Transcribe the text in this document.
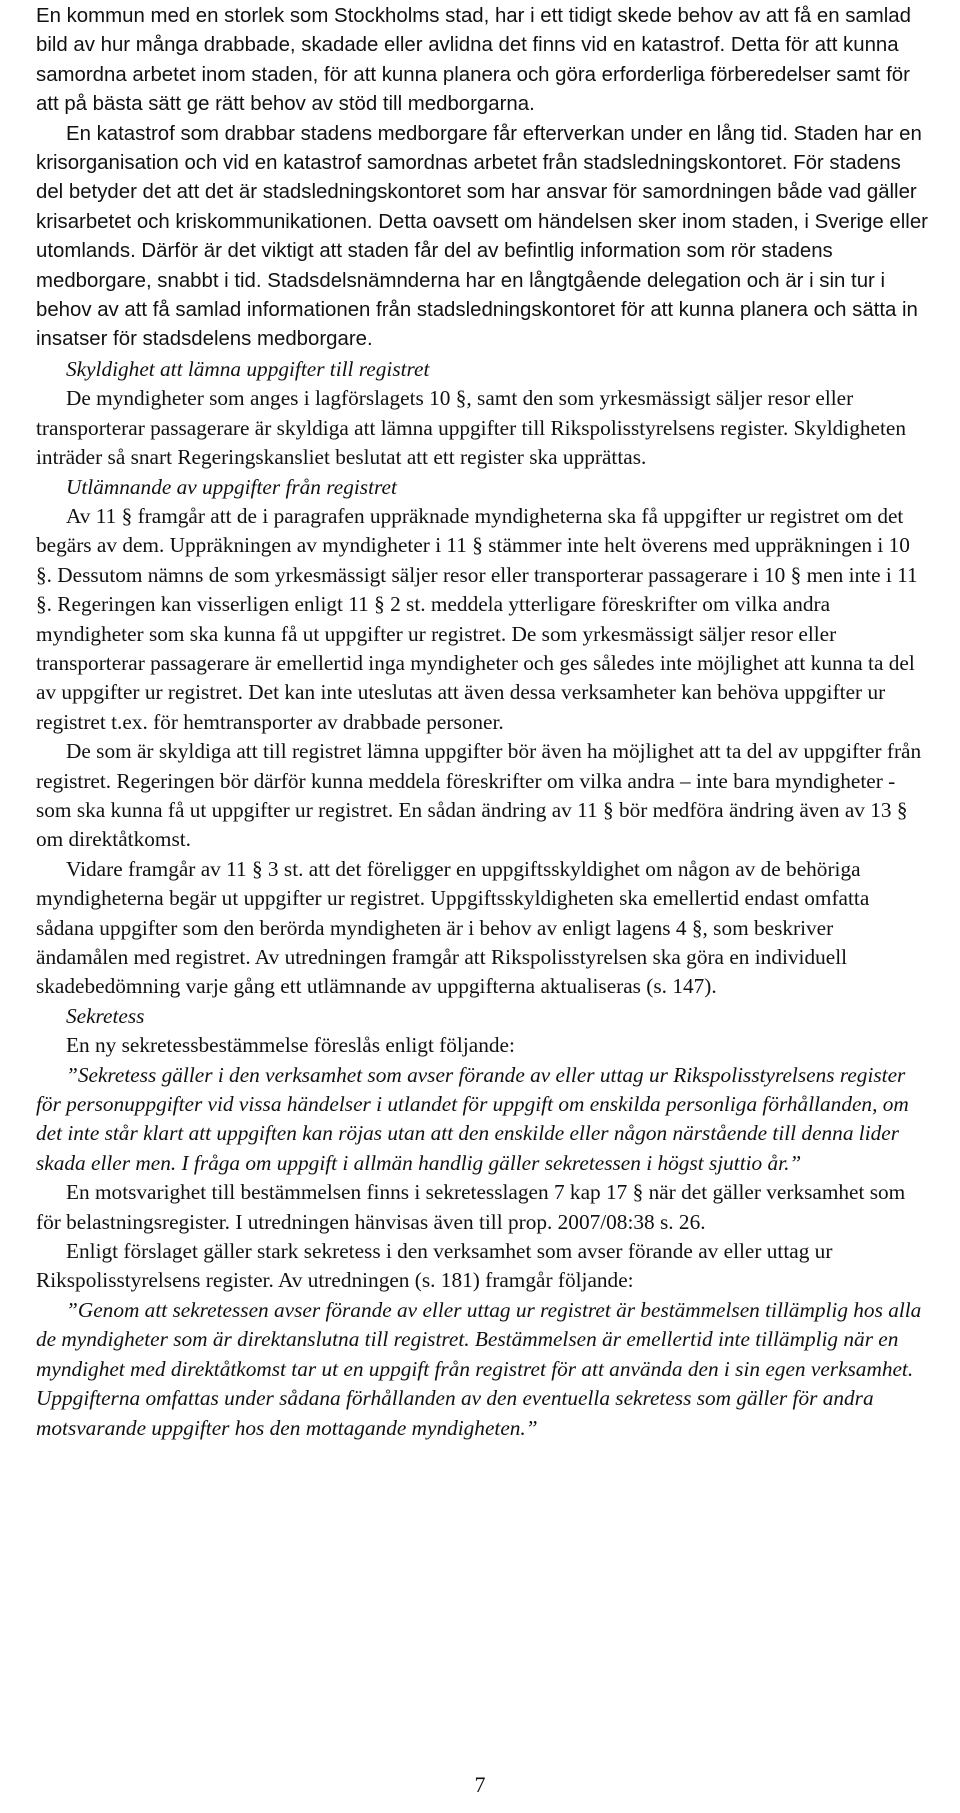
En kommun med en storlek som Stockholms stad, har i ett tidigt skede behov av att få en samlad bild av hur många drabbade, skadade eller avlidna det finns vid en katastrof. Detta för att kunna samordna arbetet inom staden, för att kunna planera och göra erforderliga förberedelser samt för att på bästa sätt ge rätt behov av stöd till medborgarna.

En katastrof som drabbar stadens medborgare får efterverkan under en lång tid. Staden har en krisorganisation och vid en katastrof samordnas arbetet från stadsledningskontoret. För stadens del betyder det att det är stadsledningskontoret som har ansvar för samordningen både vad gäller krisarbetet och kriskommunikationen. Detta oavsett om händelsen sker inom staden, i Sverige eller utomlands. Därför är det viktigt att staden får del av befintlig information som rör stadens medborgare, snabbt i tid. Stadsdelsnämnderna har en långtgående delegation och är i sin tur i behov av att få samlad informationen från stadsledningskontoret för att kunna planera och sätta in insatser för stadsdelens medborgare.

Skyldighet att lämna uppgifter till registret

De myndigheter som anges i lagförslagets 10 §, samt den som yrkesmässigt säljer resor eller transporterar passagerare är skyldiga att lämna uppgifter till Rikspolisstyrelsens register. Skyldigheten inträder så snart Regeringskansliet beslutat att ett register ska upprättas.

Utlämnande av uppgifter från registret

Av 11 § framgår att de i paragrafen uppräknade myndigheterna ska få uppgifter ur registret om det begärs av dem. Uppräkningen av myndigheter i 11 § stämmer inte helt överens med uppräkningen i 10 §. Dessutom nämns de som yrkesmässigt säljer resor eller transporterar passagerare i 10 § men inte i 11 §. Regeringen kan visserligen enligt 11 § 2 st. meddela ytterligare föreskrifter om vilka andra myndigheter som ska kunna få ut uppgifter ur registret. De som yrkesmässigt säljer resor eller transporterar passagerare är emellertid inga myndigheter och ges således inte möjlighet att kunna ta del av uppgifter ur registret. Det kan inte uteslutas att även dessa verksamheter kan behöva uppgifter ur registret t.ex. för hemtransporter av drabbade personer.

De som är skyldiga att till registret lämna uppgifter bör även ha möjlighet att ta del av uppgifter från registret. Regeringen bör därför kunna meddela föreskrifter om vilka andra – inte bara myndigheter - som ska kunna få ut uppgifter ur registret. En sådan ändring av 11 § bör medföra ändring även av 13 § om direktåtkomst.

Vidare framgår av 11 § 3 st. att det föreligger en uppgiftsskyldighet om någon av de behöriga myndigheterna begär ut uppgifter ur registret. Uppgiftsskyldigheten ska emellertid endast omfatta sådana uppgifter som den berörda myndigheten är i behov av enligt lagens 4 §, som beskriver ändamålen med registret. Av utredningen framgår att Rikspolisstyrelsen ska göra en individuell skadebedömning varje gång ett utlämnande av uppgifterna aktualiseras (s. 147).

Sekretess

En ny sekretessbestämmelse föreslås enligt följande:

”Sekretess gäller i den verksamhet som avser förande av eller uttag ur Rikspolisstyrelsens register för personuppgifter vid vissa händelser i utlandet för uppgift om enskilda personliga förhållanden, om det inte står klart att uppgiften kan röjas utan att den enskilde eller någon närstående till denna lider skada eller men. I fråga om uppgift i allmän handlig gäller sekretessen i högst sjuttio år.”

En motsvarighet till bestämmelsen finns i sekretesslagen 7 kap 17 § när det gäller verksamhet som för belastningsregister. I utredningen hänvisas även till prop. 2007/08:38 s. 26.

Enligt förslaget gäller stark sekretess i den verksamhet som avser förande av eller uttag ur Rikspolisstyrelsens register. Av utredningen (s. 181) framgår följande:

”Genom att sekretessen avser förande av eller uttag ur registret är bestämmelsen tillämplig hos alla de myndigheter som är direktanslutna till registret. Bestämmelsen är emellertid inte tillämplig när en myndighet med direktåtkomst tar ut en uppgift från registret för att använda den i sin egen verksamhet. Uppgifterna omfattas under sådana förhållanden av den eventuella sekretess som gäller för andra motsvarande uppgifter hos den mottagande myndigheten.”

7
